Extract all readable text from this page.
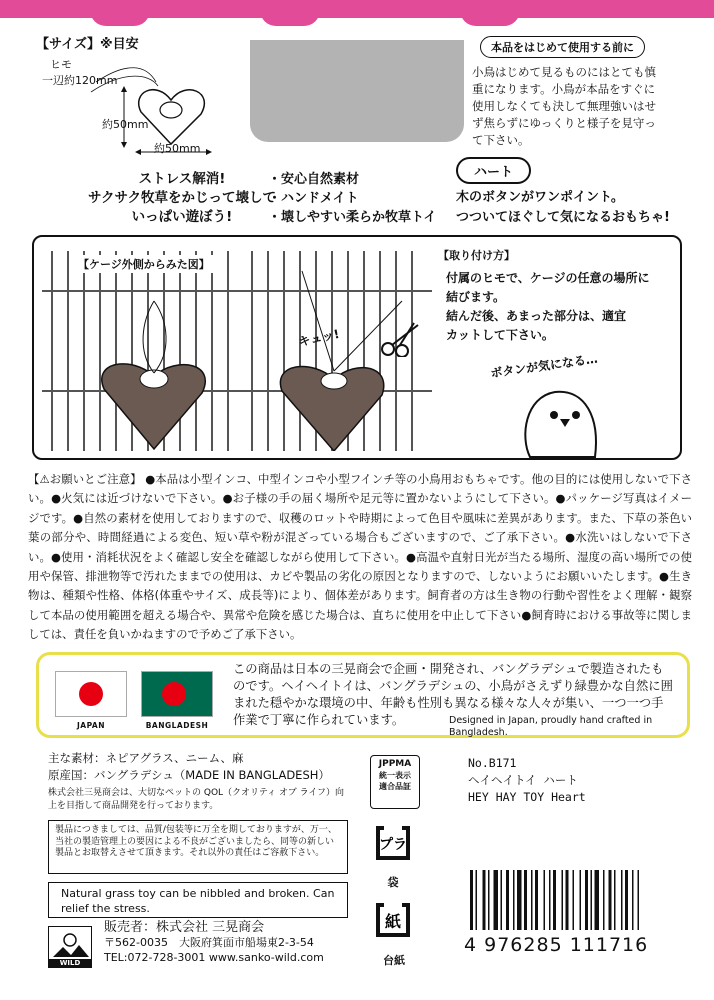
【サイズ】※目安
ヒモ
一辺約120mm
約50mm
約50mm
本品をはじめて使用する前に
小鳥はじめて見るものにはとても慎
重になります。小鳥が本品をすぐに
使用しなくても決して無理強いはせ
ず焦らずにゆっくりと様子を見守っ
て下さい。
ストレス解消!
サクサク牧草をかじって壊して
いっぱい遊ぼう!
・安心自然素材
・ハンドメイト
・壊しやすい柔らか牧草トイ
ハート
木のボタンがワンポイント。
つついてほぐして気になるおもちゃ!
【ケージ外側からみた図】
キュッ!
【取り付け方】
付属のヒモで、ケージの任意の場所に
結びます。
結んだ後、あまった部分は、適宜
カットして下さい。
ボタンが気になる…
【⚠お願いとご注意】 ●本品は小型インコ、中型インコや小型フインチ等の小鳥用おもちゃです。他の目的には使用しないで下さい。●火気には近づけないで下さい。●お子様の手の届く場所や足元等に置かないようにして下さい。●パッケージ写真はイメージです。●自然の素材を使用しておりますので、収穫のロットや時期によって色目や風味に差異があります。また、下草の茶色い葉の部分や、時間経過による変色、短い草や粉が混ざっている場合もございますので、ご了承下さい。●水洗いはしないで下さい。●使用・消耗状況をよく確認し安全を確認しながら使用して下さい。●高温や直射日光が当たる場所、湿度の高い場所での使用や保管、排泄物等で汚れたままでの使用は、カビや製品の劣化の原因となりますので、しないようにお願いいたします。●生き物は、種類や性格、体格(体重やサイズ、成長等)により、個体差があります。飼育者の方は生き物の行動や習性をよく理解・観察して本品の使用範囲を超える場合や、異常や危険を感じた場合は、直ちに使用を中止して下さい●飼育時における事故等に関しましては、責任を負いかねますので予めご了承下さい。
JAPAN	BANGLADESH
この商品は日本の三晃商会で企画・開発され、バングラデシュで製造されたものです。ヘイヘイトイは、バングラデシュの、小鳥がさえずり緑豊かな自然に囲まれた穏やかな環境の中、年齢も性別も異なる様々な人々が集い、一つ一つ手作業で丁寧に作られています。	Designed in Japan, proudly hand crafted in Bangladesh.
主な素材：ネピアグラス、ニーム、麻
原産国：バングラデシュ（MADE IN BANGLADESH）
株式会社三晃商会は、大切なペットの QOL（クオリティ オブ ライフ）向上を目指して商品開発を行っております。
製品につきましては、品質/包装等に万全を期しておりますが、万一、当社の製造管理上の要因による不良がございましたら、同等の新しい製品とお取替えさせて頂きます。それ以外の責任はご容赦下さい。
Natural grass toy can be nibbled and broken. Can relief the stress.
WILD
販売者：株式会社 三晃商会
〒562-0035　大阪府箕面市船場東2-3-54
TEL:072-728-3001 www.sanko-wild.com
JPPMA
統一表示
適合品証
プラ
袋
紙
台紙
No.B171
ヘイヘイトイ ハート
HEY HAY TOY Heart
4 976285 111716
